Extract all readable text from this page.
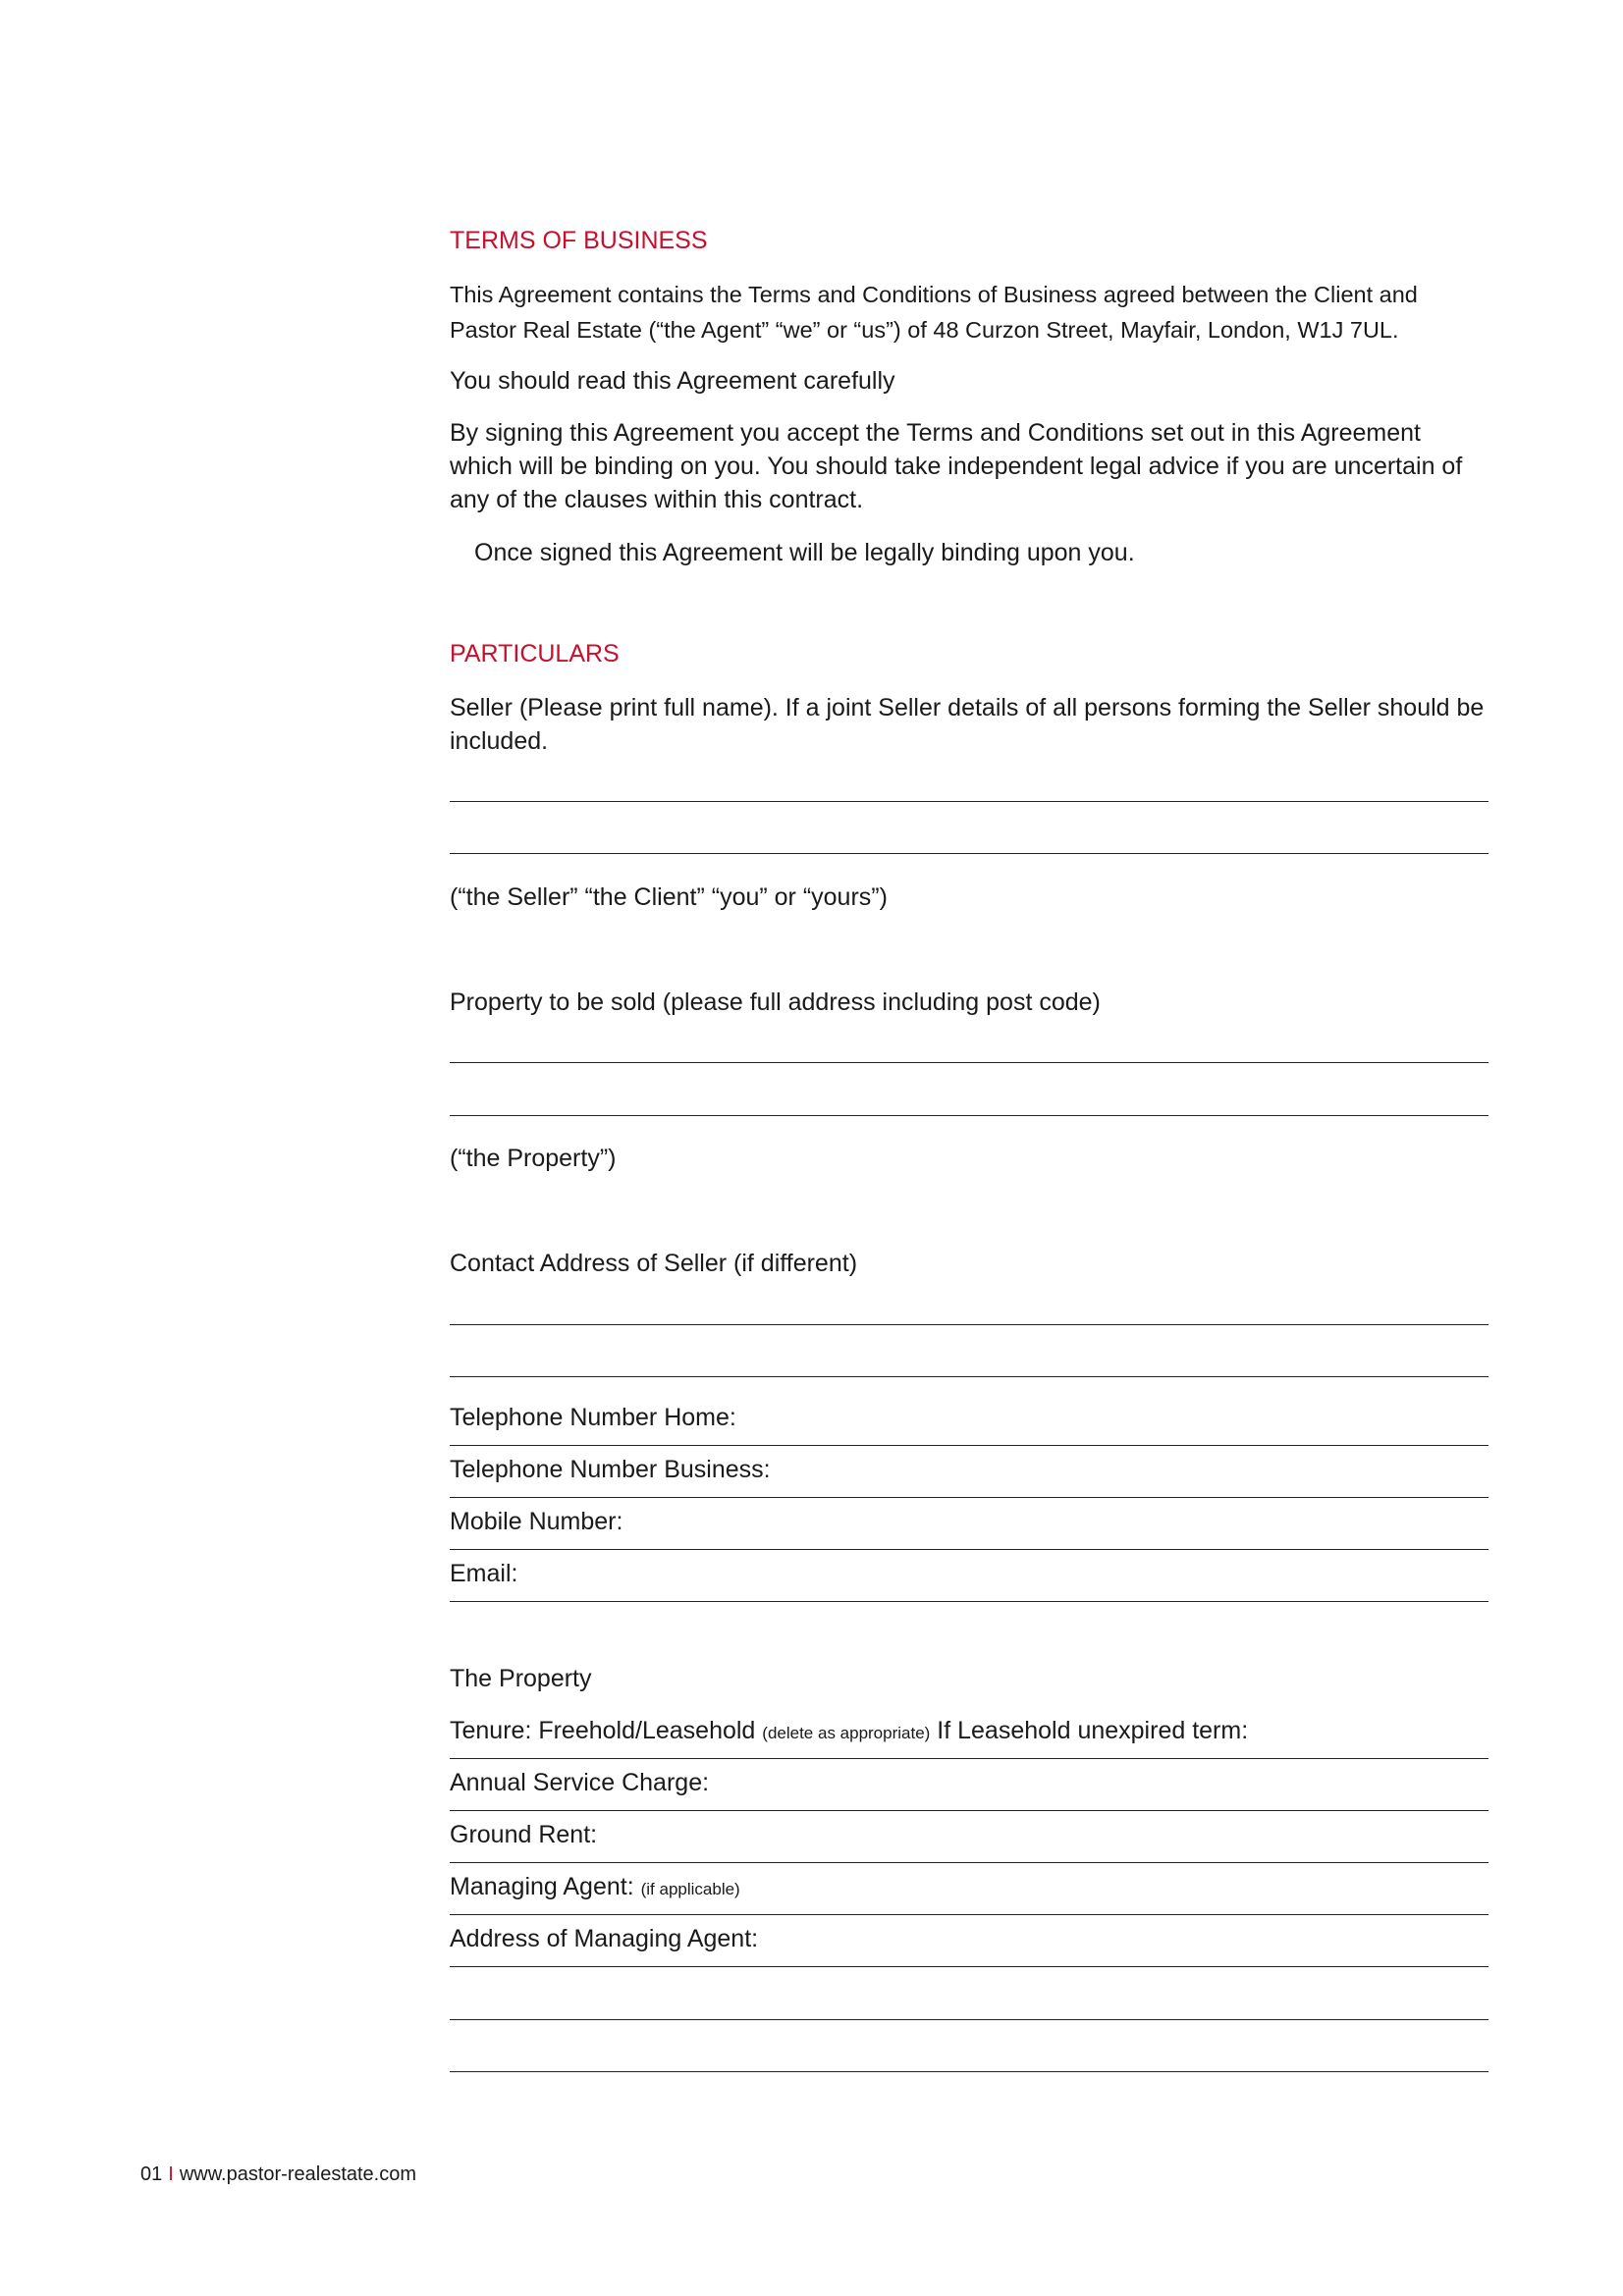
TERMS OF BUSINESS
This Agreement contains the Terms and Conditions of Business agreed between the Client and Pastor Real Estate (“the Agent” “we” or “us”) of 48 Curzon Street, Mayfair, London, W1J 7UL.
You should read this Agreement carefully
By signing this Agreement you accept the Terms and Conditions set out in this Agreement which will be binding on you. You should take independent legal advice if you are uncertain of any of the clauses within this contract.
Once signed this Agreement will be legally binding upon you.
PARTICULARS
Seller (Please print full name). If a joint Seller details of all persons forming the Seller should be included.
(“the Seller” “the Client” “you” or “yours”)
Property to be sold (please full address including post code)
(“the Property”)
Contact Address of Seller (if different)
Telephone Number Home:
Telephone Number Business:
Mobile Number:
Email:
The Property
Tenure: Freehold/Leasehold (delete as appropriate) If Leasehold unexpired term:
Annual Service Charge:
Ground Rent:
Managing Agent: (if applicable)
Address of Managing Agent:
01 I www.pastor-realestate.com
